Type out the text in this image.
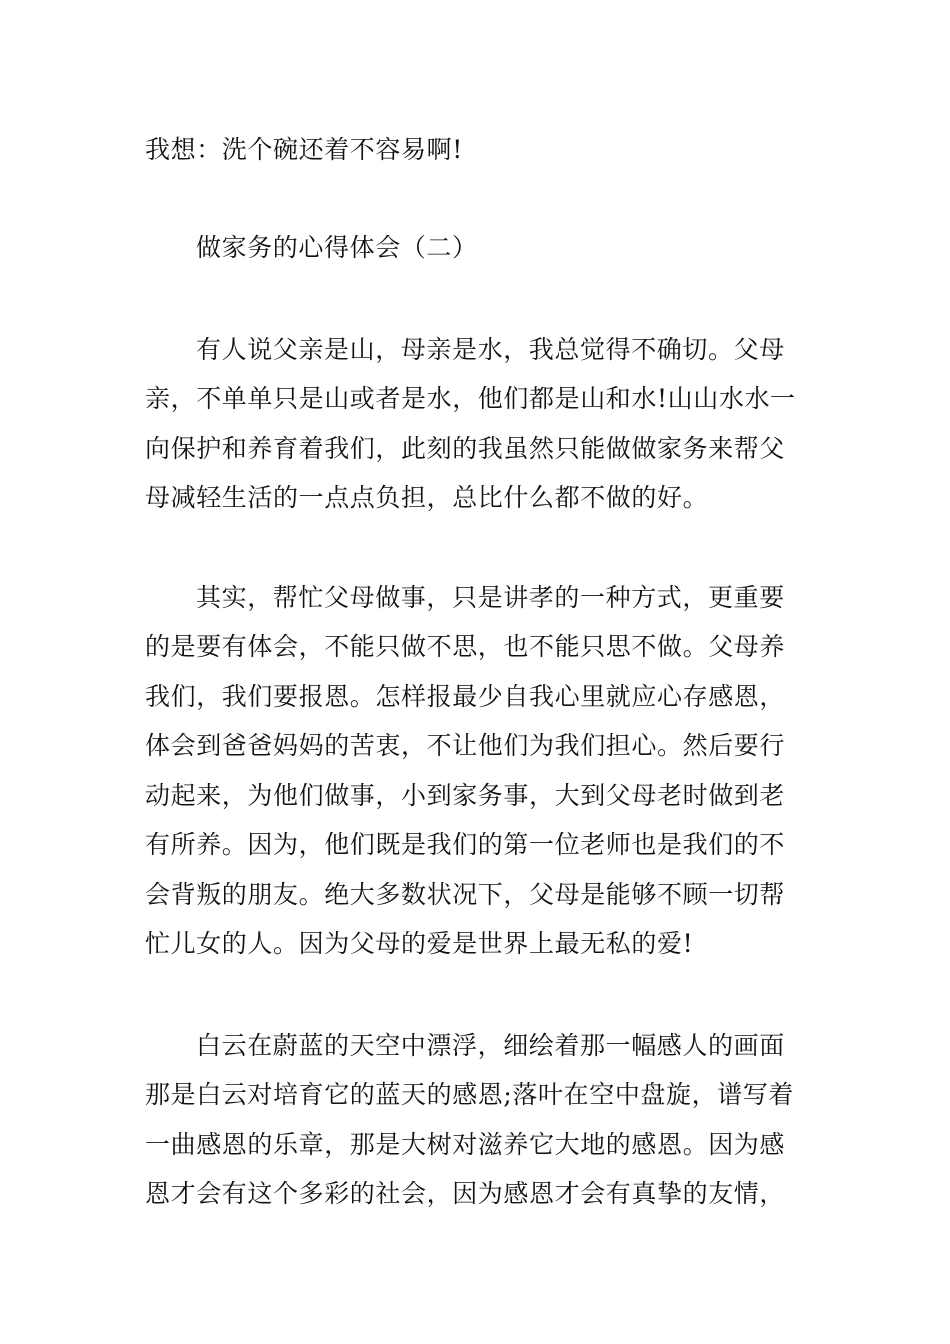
我想：洗个碗还着不容易啊!
做家务的心得体会（二）
有人说父亲是山，母亲是水，我总觉得不确切。父母
亲，不单单只是山或者是水，他们都是山和水!山山水水一
向保护和养育着我们，此刻的我虽然只能做做家务来帮父
母减轻生活的一点点负担，总比什么都不做的好。
其实，帮忙父母做事，只是讲孝的一种方式，更重要
的是要有体会，不能只做不思，也不能只思不做。父母养
我们，我们要报恩。怎样报最少自我心里就应心存感恩，
体会到爸爸妈妈的苦衷，不让他们为我们担心。然后要行
动起来，为他们做事，小到家务事，大到父母老时做到老
有所养。因为，他们既是我们的第一位老师也是我们的不
会背叛的朋友。绝大多数状况下，父母是能够不顾一切帮
忙儿女的人。因为父母的爱是世界上最无私的爱!
白云在蔚蓝的天空中漂浮，细绘着那一幅感人的画面
那是白云对培育它的蓝天的感恩;落叶在空中盘旋，谱写着
一曲感恩的乐章，那是大树对滋养它大地的感恩。因为感
恩才会有这个多彩的社会，因为感恩才会有真挚的友情，
